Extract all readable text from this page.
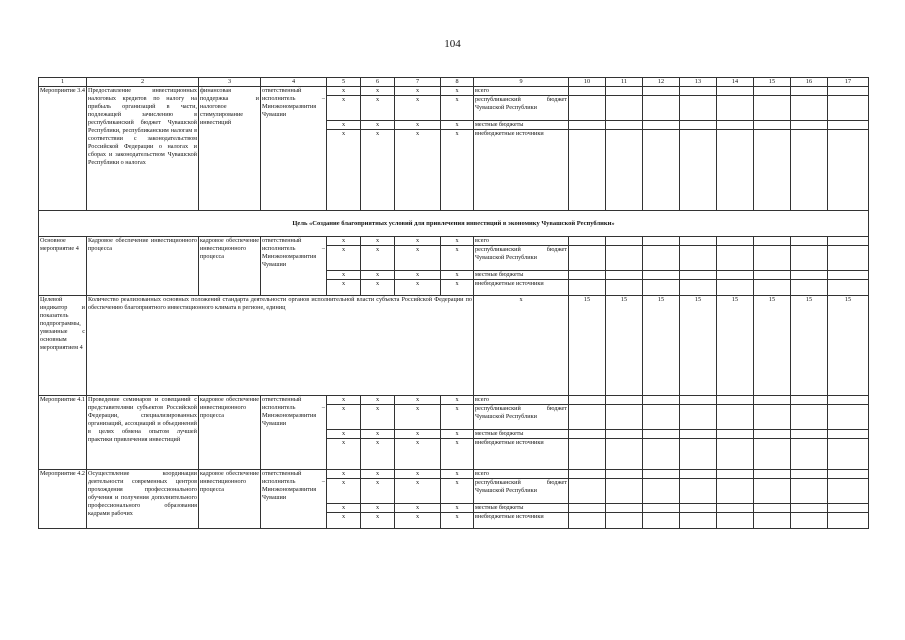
104
1	2	3	4	5	6	7	8	9	10	11	12	13	14	15	16	17
Мероприятие 3.4	Предоставление инвестиционных налоговых кредитов по налогу на прибыль организаций в части, подлежащей зачислению в республиканский бюджет Чувашской Республики, республиканским налогам в соответствии с законодательством Российской Федерации о налогах и сборах и законодательством Чувашской Республики о налогах	финансовая поддержка и налоговое стимулирование инвестиций	ответственный исполнитель – Минэкономразвития Чувашии	x	x	x	x	всего								
				x	x	x	x	республиканский бюджет Чувашской Республики								
				x	x	x	x	местные бюджеты								
				x	x	x	x	внебюджетные источники								
Цель «Создание благоприятных условий для привлечения инвестиций в экономику Чувашской Республики»																
Основное мероприятие 4	Кадровое обеспечение инвестиционного процесса	кадровое обеспечение инвестиционного процесса	ответственный исполнитель – Минэкономразвития Чувашии	x	x	x	x	всего								
				x	x	x	x	республиканский бюджет Чувашской Республики								
				x	x	x	x	местные бюджеты								
				x	x	x	x	внебюджетные источники								
Целевой индикатор и показатель подпрограммы, увязанные с основным мероприятием 4	Количество реализованных основных положений стандарта деятельности органов исполнительной власти субъекта Российской Федерации по обеспечению благоприятного инвестиционного климата в регионе, единиц							x	15	15	15	15	15	15	15	15
Мероприятие 4.1	Проведение семинаров и совещаний с представителями субъектов Российской Федерации, специализированных организаций, ассоциаций и объединений в целях обмена опытом лучшей практики привлечения инвестиций	кадровое обеспечение инвестиционного процесса	ответственный исполнитель – Минэкономразвития Чувашии	x	x	x	x	всего								
				x	x	x	x	республиканский бюджет Чувашской Республики								
				x	x	x	x	местные бюджеты								
				x	x	x	x	внебюджетные источники								
Мероприятие 4.2	Осуществление координации деятельности современных центров прохождения профессионального обучения и получения дополнительного профессионального образования кадрами рабочих	кадровое обеспечение инвестиционного процесса	ответственный исполнитель – Минэкономразвития Чувашии	x	x	x	x	всего								
				x	x	x	x	республиканский бюджет Чувашской Республики								
				x	x	x	x	местные бюджеты								
				x	x	x	x	внебюджетные источники								
